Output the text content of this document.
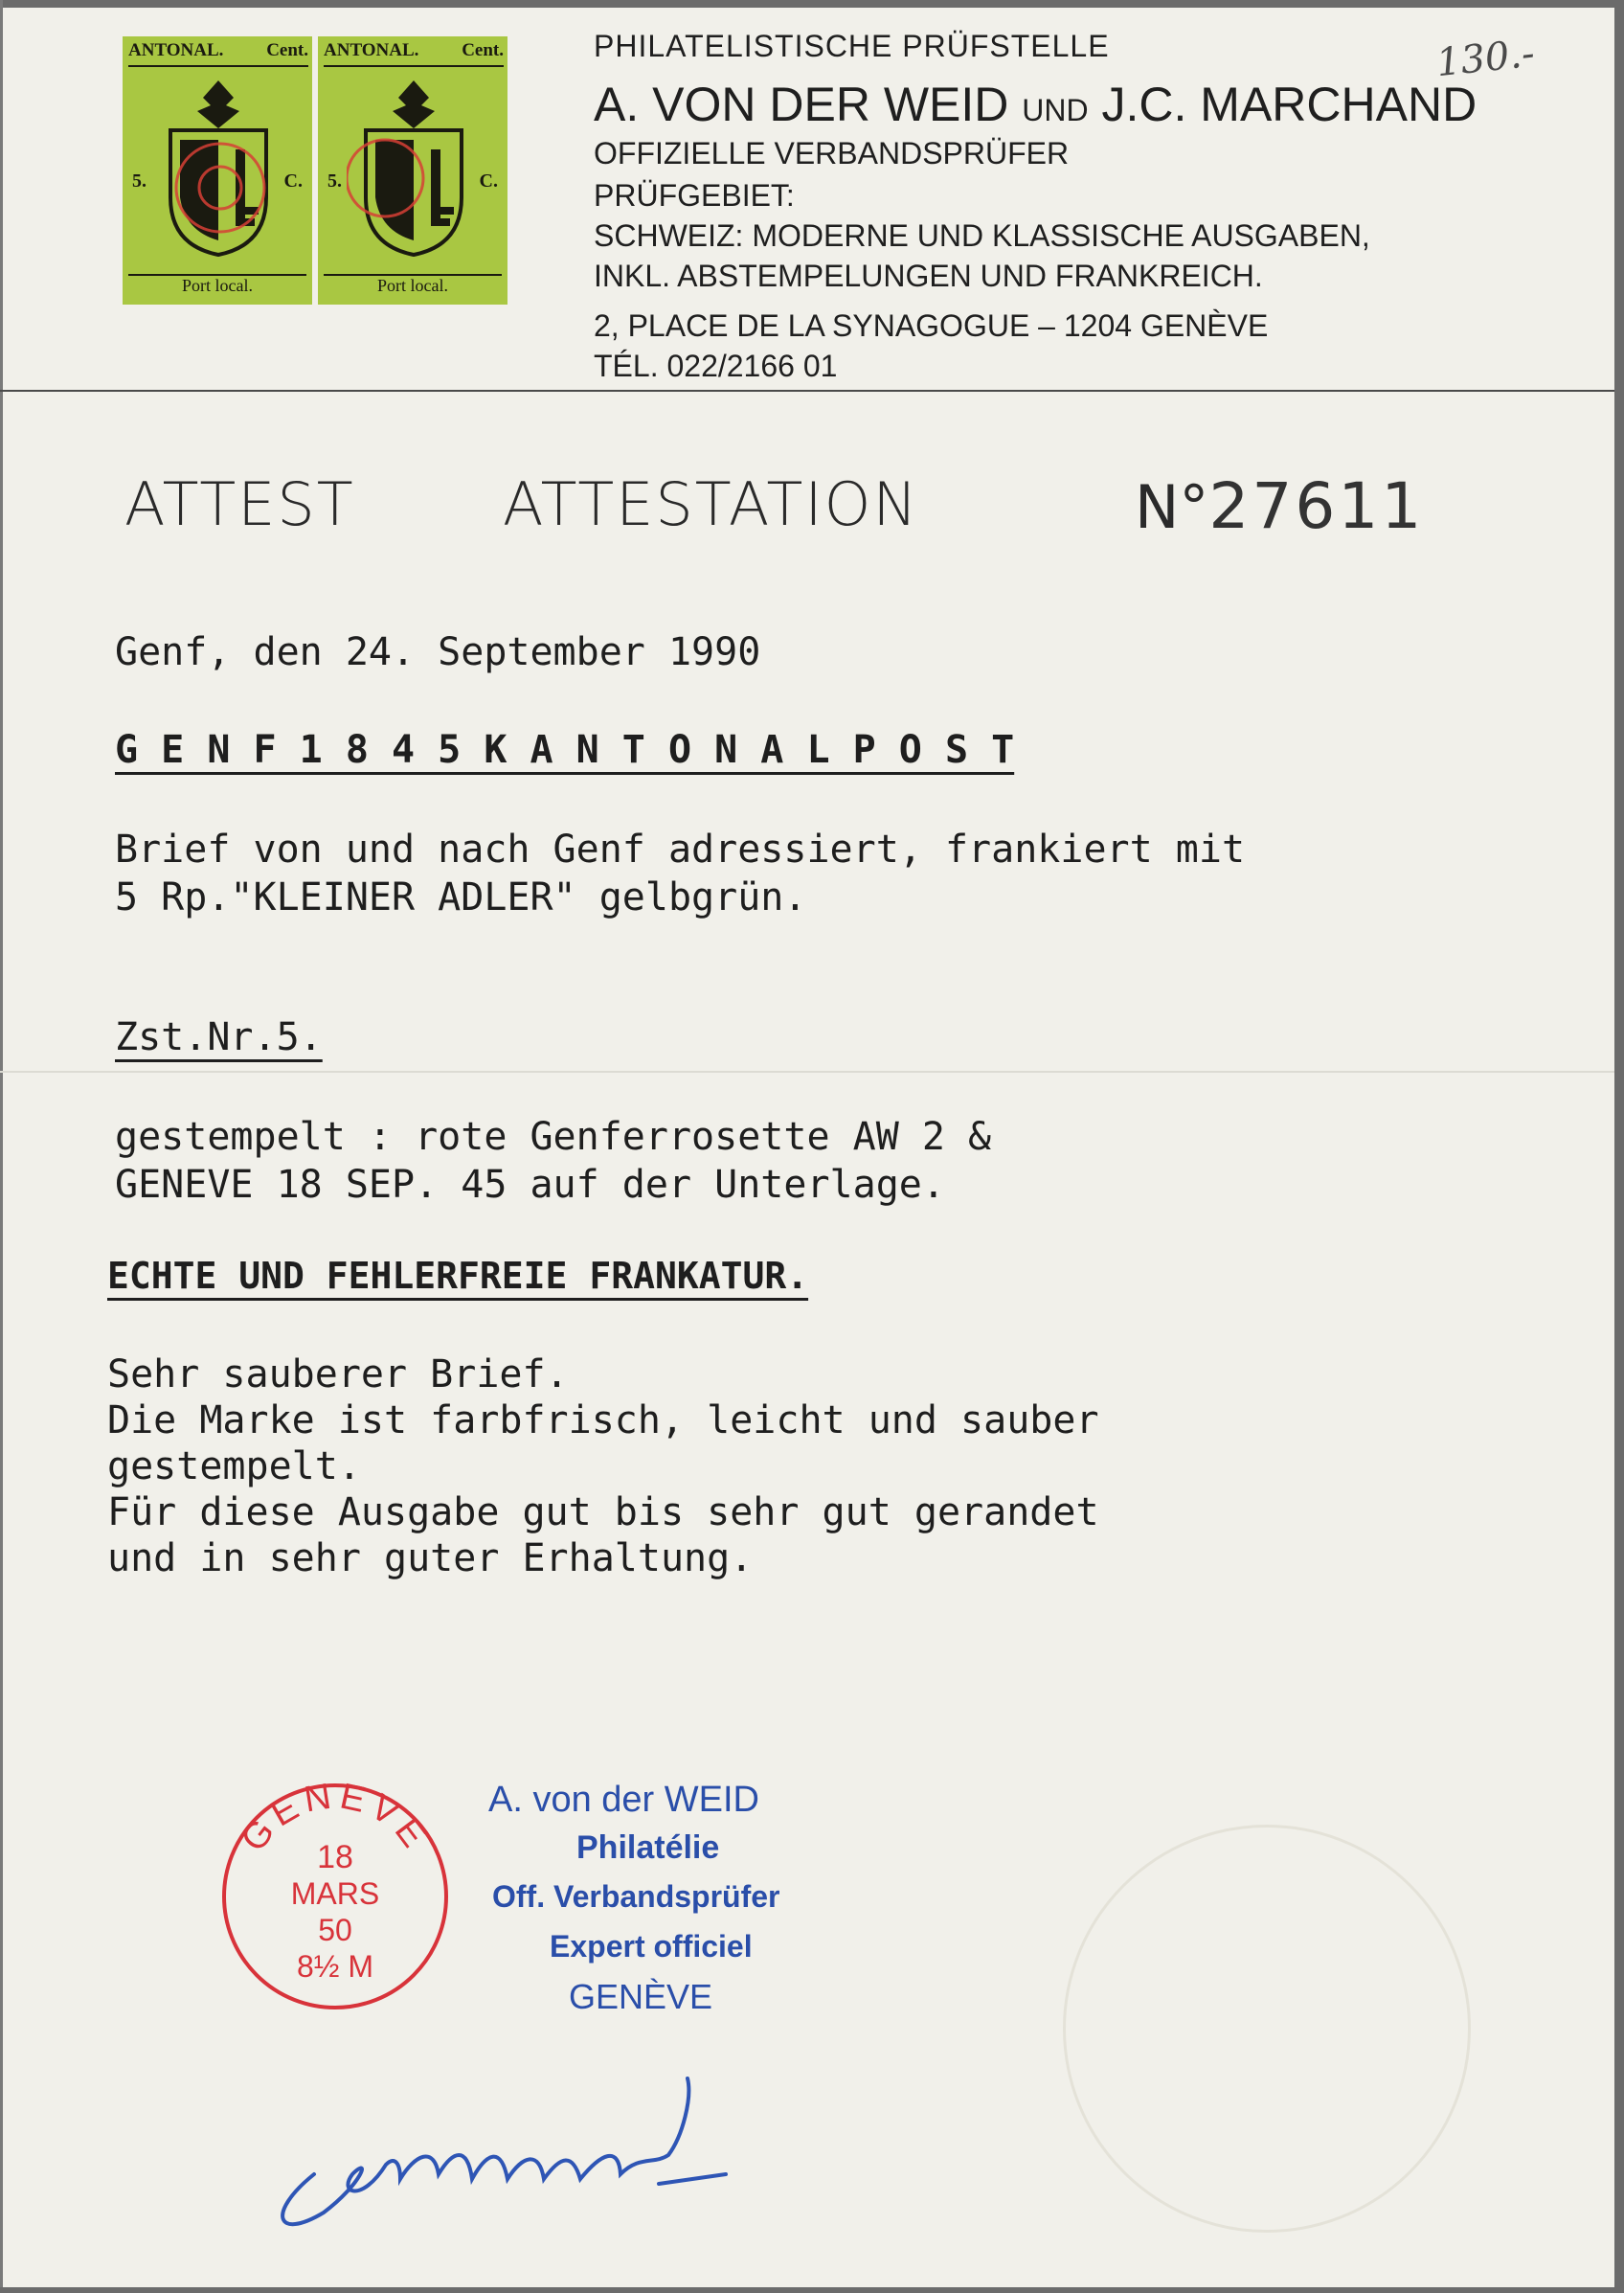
ANTONAL. Cent.
5.	C.
Port local.
ANTONAL. Cent.
5.	C.
Port local.
130.-
PHILATELISTISCHE PRÜFSTELLE
A. VON DER WEID UND J.C. MARCHAND
OFFIZIELLE VERBANDSPRÜFER
PRÜFGEBIET:
SCHWEIZ: MODERNE UND KLASSISCHE AUSGABEN,
INKL. ABSTEMPELUNGEN UND FRANKREICH.
2, PLACE DE LA SYNAGOGUE – 1204 GENÈVE
TÉL. 022/2166 01
ATTEST ATTESTATION	N°27611
Genf, den 24. September 1990
G E N F 1 8 4 5 K A N T O N A L P O S T
Brief von und nach Genf adressiert, frankiert mit
5 Rp."KLEINER ADLER" gelbgrün.
Zst.Nr.5.
gestempelt : rote Genferrosette AW 2 &
GENEVE 18 SEP. 45 auf der Unterlage.
ECHTE UND FEHLERFREIE FRANKATUR.
Sehr sauberer Brief.
Die Marke ist farbfrisch, leicht und sauber
gestempelt.
Für diese Ausgabe gut bis sehr gut gerandet
und in sehr guter Erhaltung.
GENEVE
18
MARS
50
8½ M
A. von der WEID
Philatélie
Off. Verbandsprüfer
Expert officiel
GENÈVE
